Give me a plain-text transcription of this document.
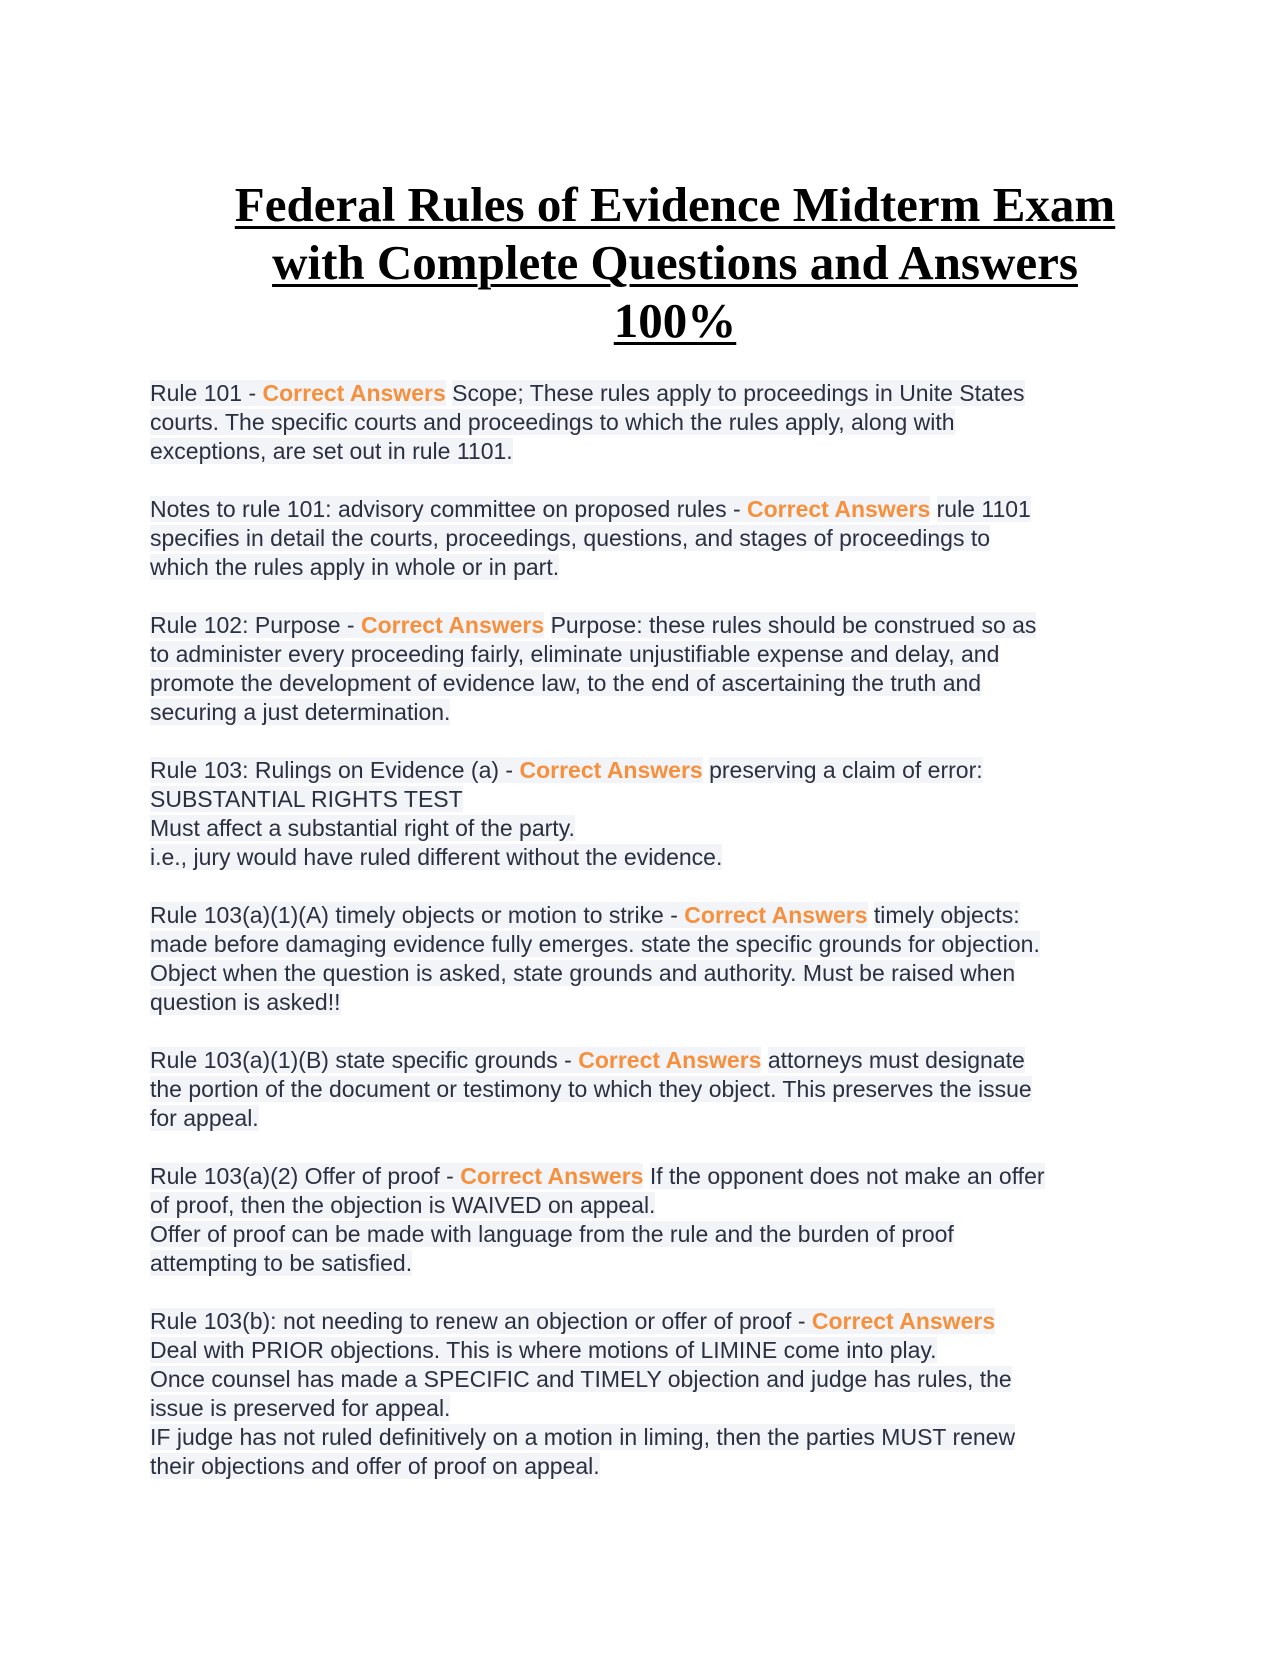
Federal Rules of Evidence Midterm Exam
with Complete Questions and Answers
100%
Rule 101 - Correct Answers Scope; These rules apply to proceedings in Unite States
courts. The specific courts and proceedings to which the rules apply, along with
exceptions, are set out in rule 1101.
Notes to rule 101: advisory committee on proposed rules - Correct Answers rule 1101
specifies in detail the courts, proceedings, questions, and stages of proceedings to
which the rules apply in whole or in part.
Rule 102: Purpose - Correct Answers Purpose: these rules should be construed so as
to administer every proceeding fairly, eliminate unjustifiable expense and delay, and
promote the development of evidence law, to the end of ascertaining the truth and
securing a just determination.
Rule 103: Rulings on Evidence (a) - Correct Answers preserving a claim of error:
SUBSTANTIAL RIGHTS TEST
Must affect a substantial right of the party.
i.e., jury would have ruled different without the evidence.
Rule 103(a)(1)(A) timely objects or motion to strike - Correct Answers timely objects:
made before damaging evidence fully emerges. state the specific grounds for objection.
Object when the question is asked, state grounds and authority. Must be raised when
question is asked!!
Rule 103(a)(1)(B) state specific grounds - Correct Answers attorneys must designate
the portion of the document or testimony to which they object. This preserves the issue
for appeal.
Rule 103(a)(2) Offer of proof - Correct Answers If the opponent does not make an offer
of proof, then the objection is WAIVED on appeal.
Offer of proof can be made with language from the rule and the burden of proof
attempting to be satisfied.
Rule 103(b): not needing to renew an objection or offer of proof - Correct Answers
Deal with PRIOR objections. This is where motions of LIMINE come into play.
Once counsel has made a SPECIFIC and TIMELY objection and judge has rules, the
issue is preserved for appeal.
IF judge has not ruled definitively on a motion in liming, then the parties MUST renew
their objections and offer of proof on appeal.
